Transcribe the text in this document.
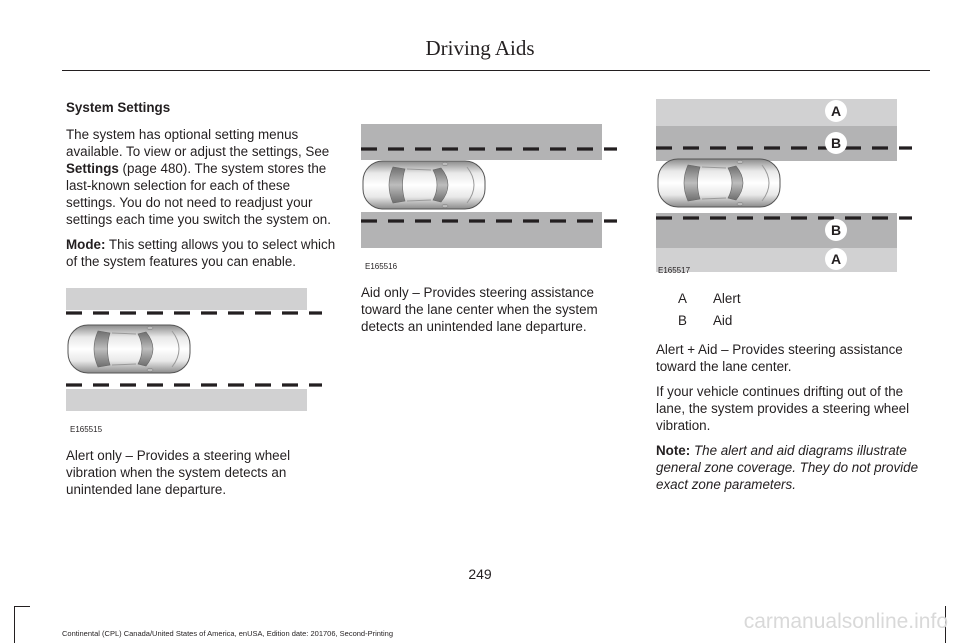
Driving Aids

System Settings

The system has optional setting menus available. To view or adjust the settings, See Settings (page 480). The system stores the last-known selection for each of these settings. You do not need to readjust your settings each time you switch the system on.

Mode: This setting allows you to select which of the system features you can enable.

E165515

Alert only – Provides a steering wheel vibration when the system detects an unintended lane departure.

E165516

Aid only – Provides steering assistance toward the lane center when the system detects an unintended lane departure.

A
B
B
A
E165517
A Alert
B Aid

Alert + Aid – Provides steering assistance toward the lane center.

If your vehicle continues drifting out of the lane, the system provides a steering wheel vibration.

Note: The alert and aid diagrams illustrate general zone coverage. They do not provide exact zone parameters.

249
Continental (CPL) Canada/United States of America, enUSA, Edition date: 201706, Second-Printing
carmanualsonline.info
